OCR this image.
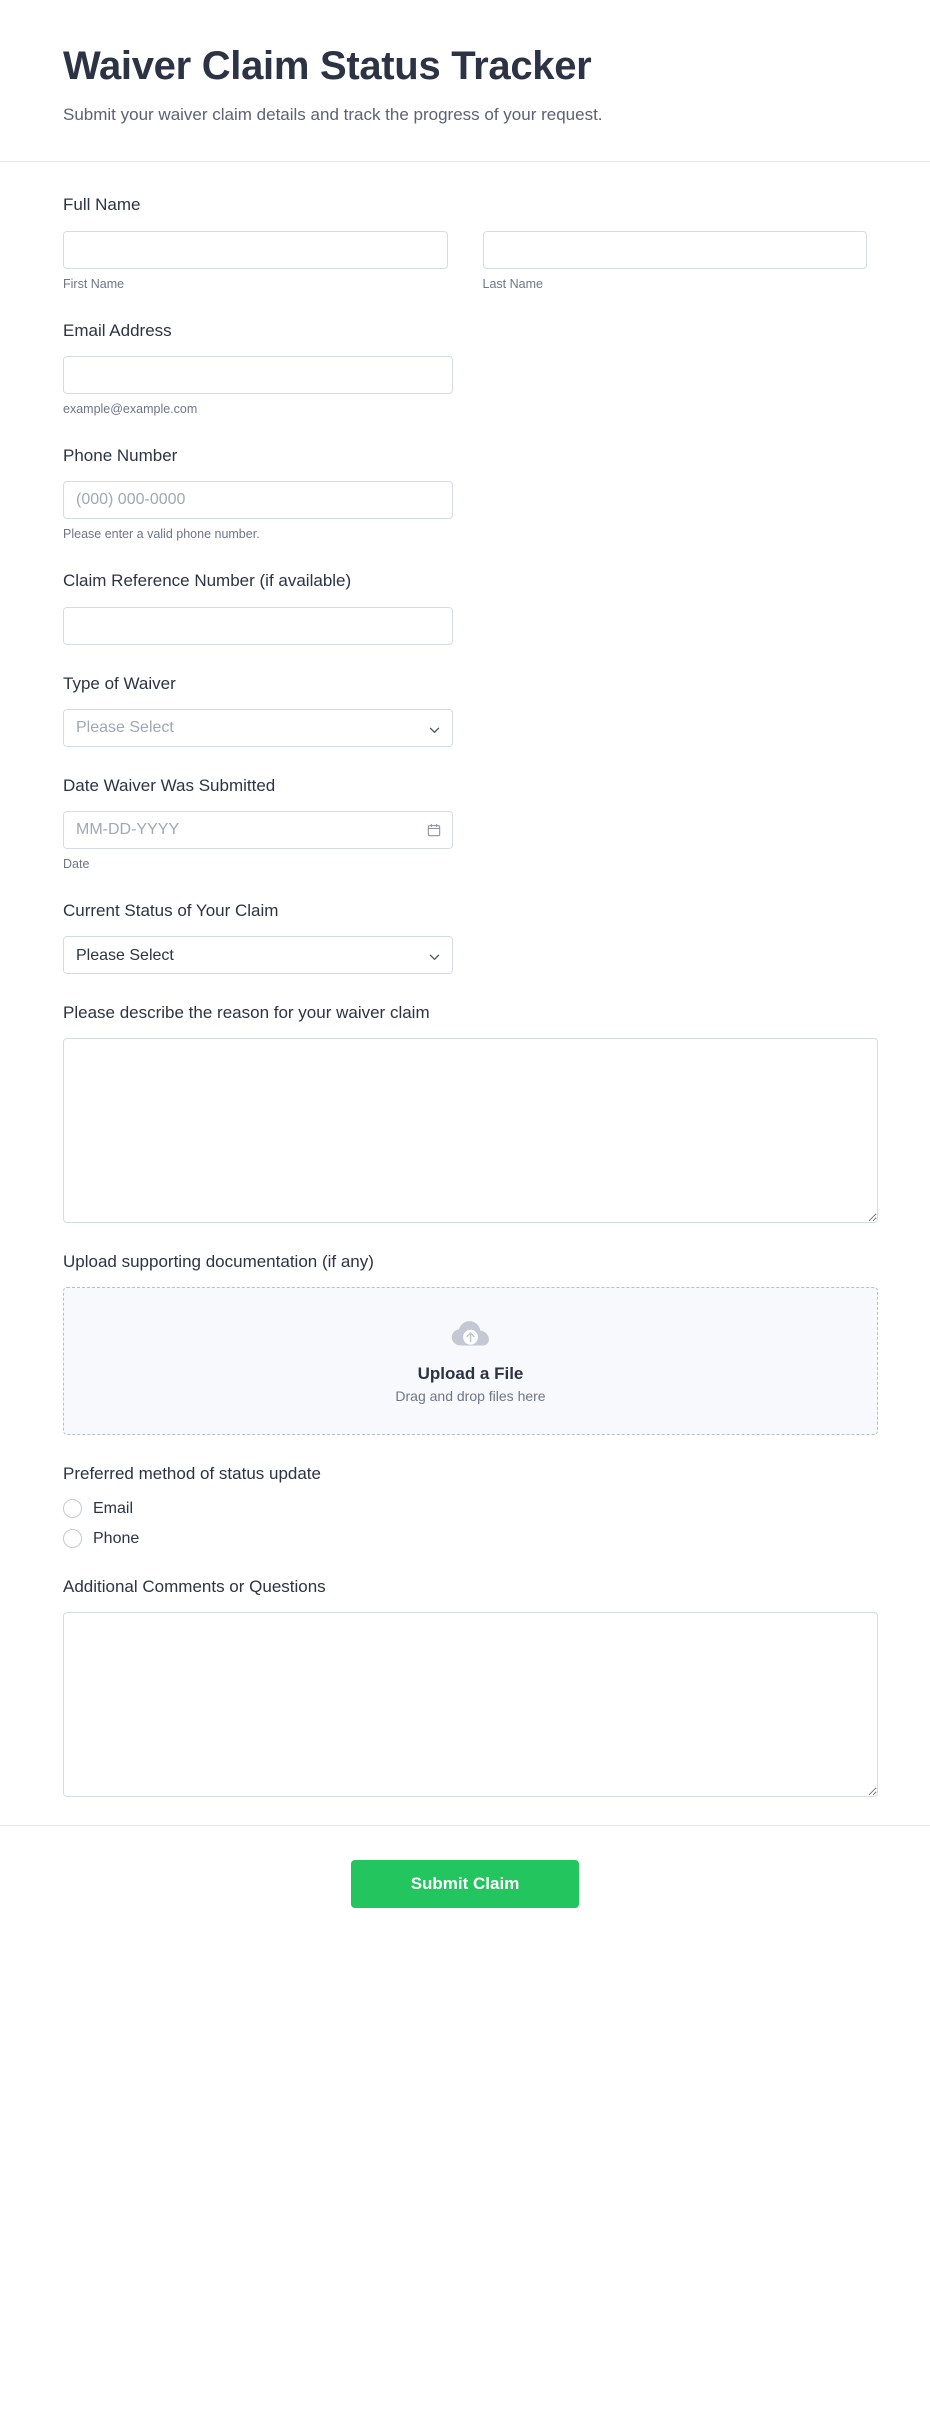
Waiver Claim Status Tracker

Submit your waiver claim details and track the progress of your request.

Full Name
First Name	Last Name
Email Address
example@example.com
Phone Number
(000) 000-0000
Please enter a valid phone number.
Claim Reference Number (if available)
Type of Waiver
Please Select
Date Waiver Was Submitted
MM-DD-YYYY
Date
Current Status of Your Claim
Please Select
Please describe the reason for your waiver claim
Upload supporting documentation (if any)
Upload a File
Drag and drop files here
Preferred method of status update
Email
Phone
Additional Comments or Questions
Submit Claim
